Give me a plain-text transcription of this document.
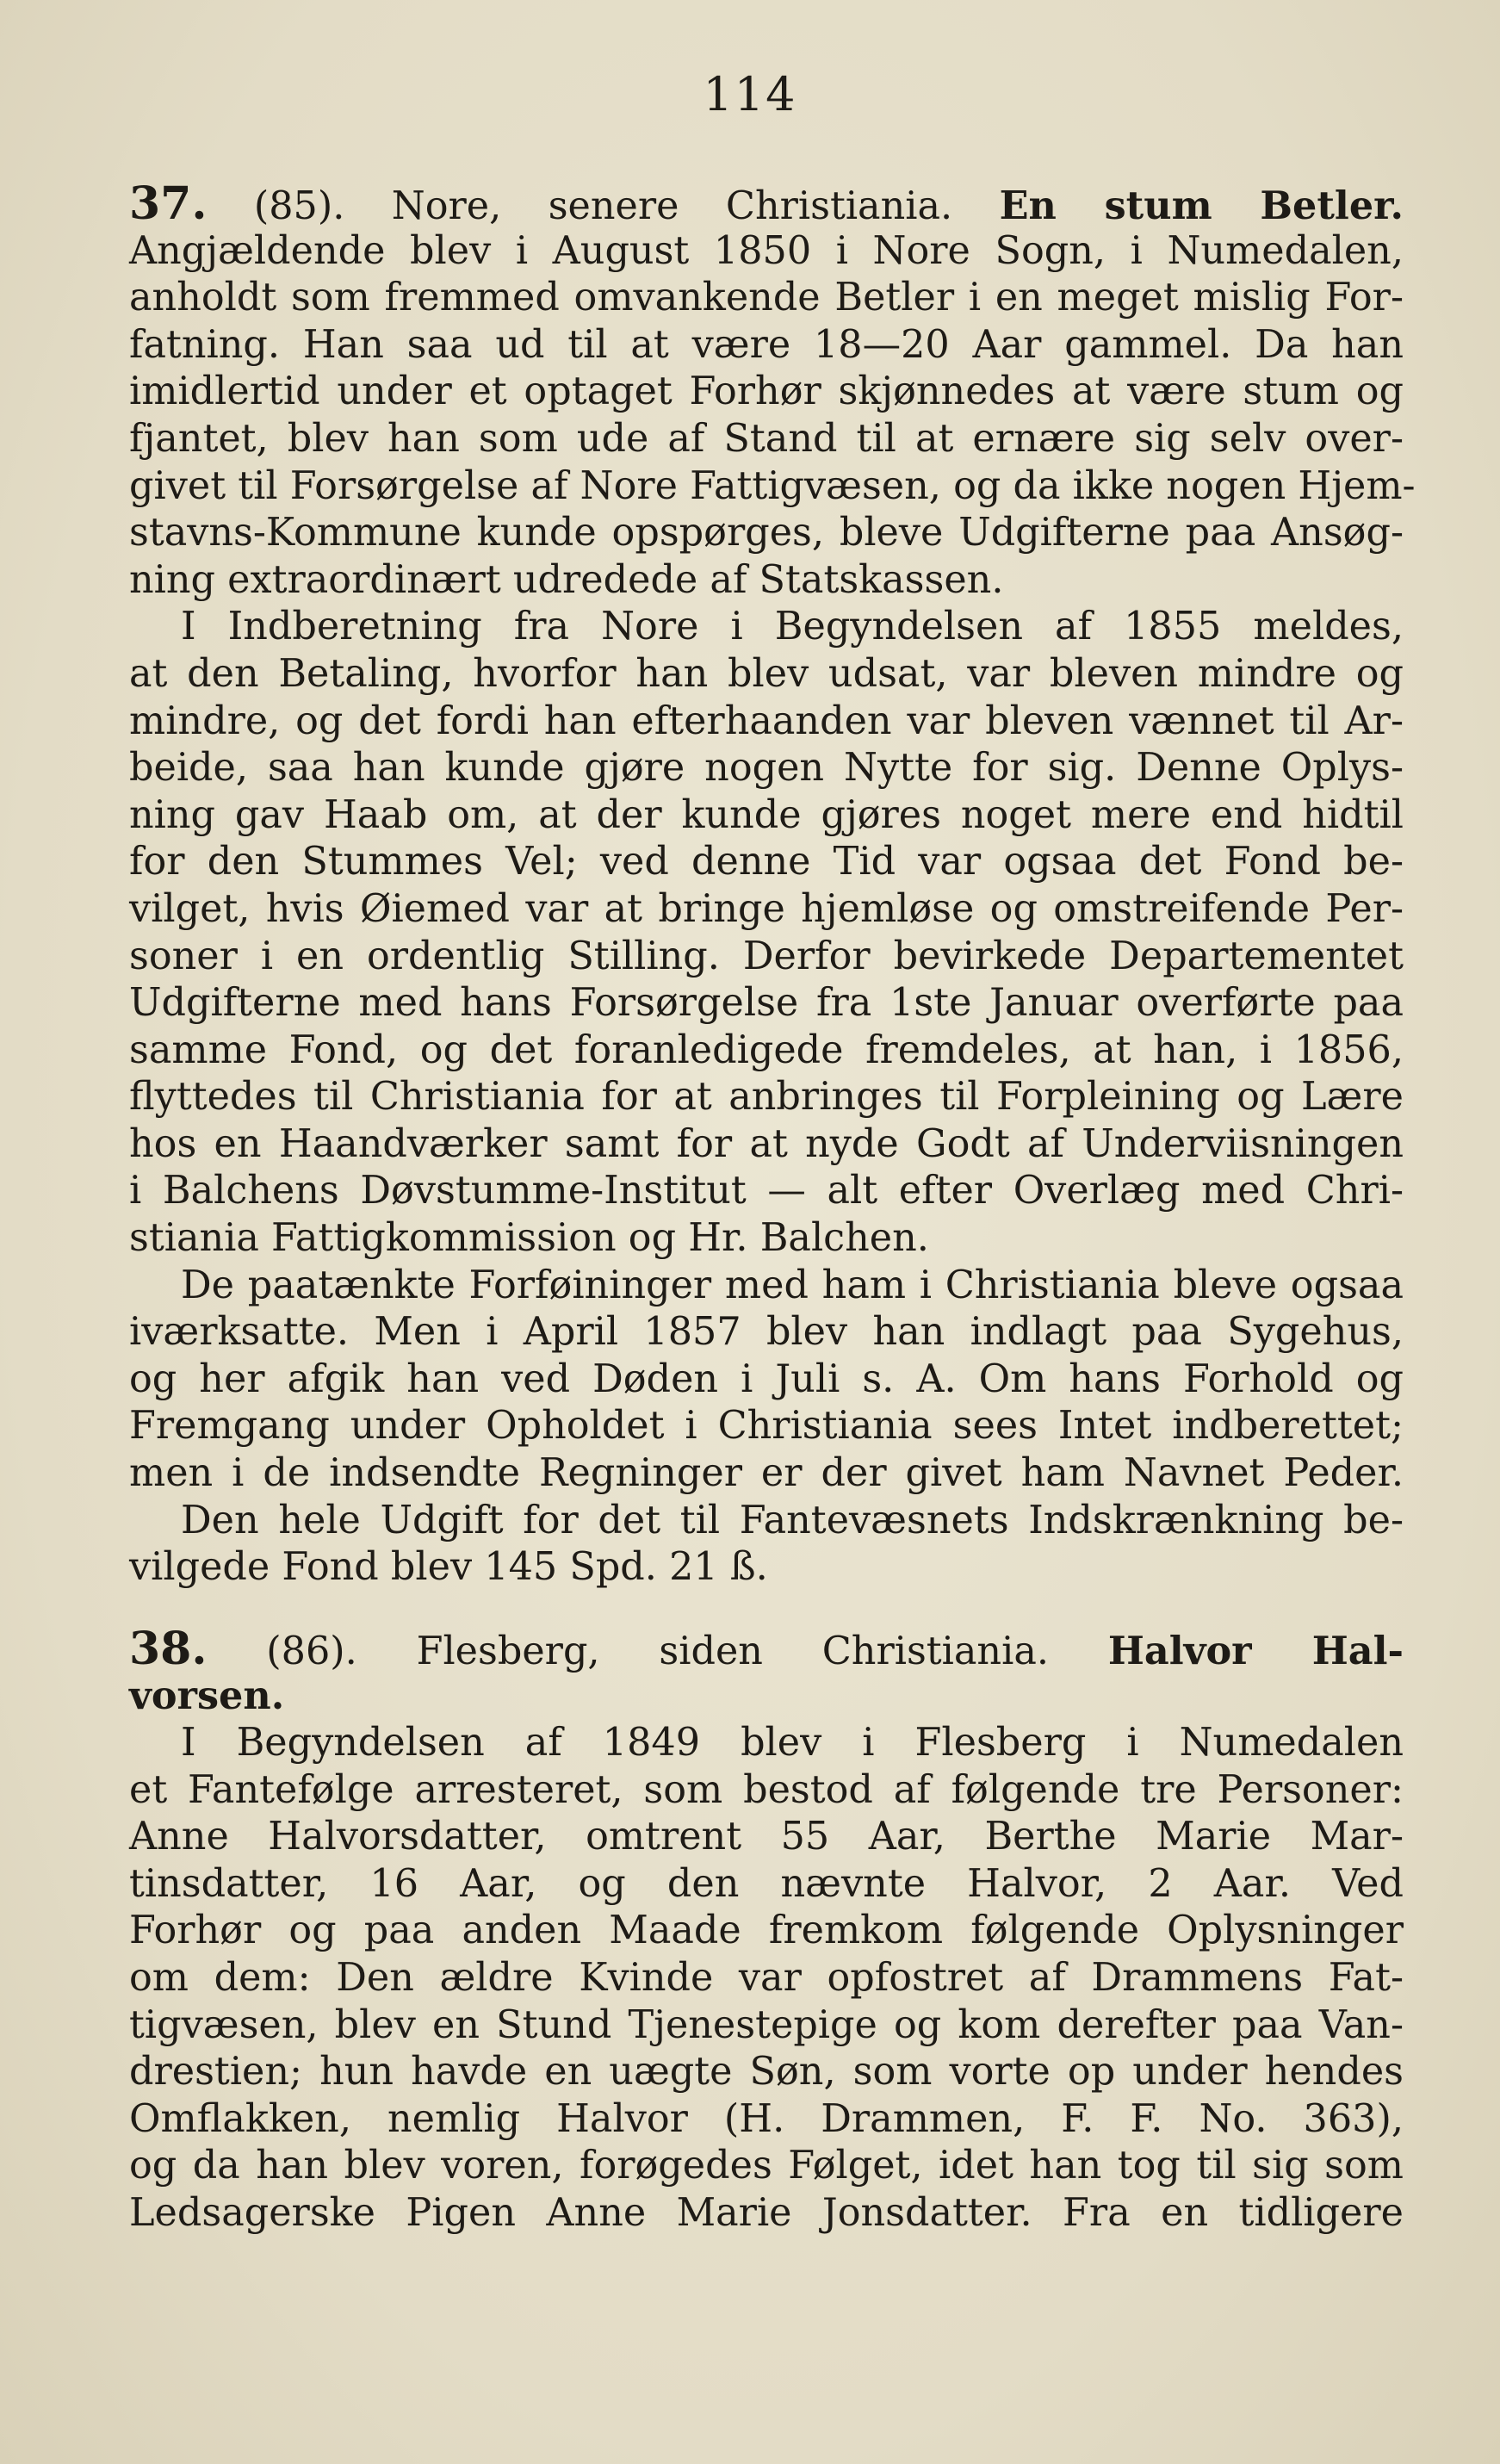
114
37. (85). Nore, senere Christiania. En stum Betler.
Angjældende blev i August 1850 i Nore Sogn, i Numedalen,
anholdt som fremmed omvankende Betler i en meget mislig For-
fatning. Han saa ud til at være 18—20 Aar gammel. Da han
imidlertid under et optaget Forhør skjønnedes at være stum og
fjantet, blev han som ude af Stand til at ernære sig selv over-
givet til Forsørgelse af Nore Fattigvæsen, og da ikke nogen Hjem-
stavns-Kommune kunde opspørges, bleve Udgifterne paa Ansøg-
ning extraordinært udredede af Statskassen.
I Indberetning fra Nore i Begyndelsen af 1855 meldes,
at den Betaling, hvorfor han blev udsat, var bleven mindre og
mindre, og det fordi han efterhaanden var bleven vænnet til Ar-
beide, saa han kunde gjøre nogen Nytte for sig. Denne Oplys-
ning gav Haab om, at der kunde gjøres noget mere end hidtil
for den Stummes Vel; ved denne Tid var ogsaa det Fond be-
vilget, hvis Øiemed var at bringe hjemløse og omstreifende Per-
soner i en ordentlig Stilling. Derfor bevirkede Departementet
Udgifterne med hans Forsørgelse fra 1ste Januar overførte paa
samme Fond, og det foranledigede fremdeles, at han, i 1856,
flyttedes til Christiania for at anbringes til Forpleining og Lære
hos en Haandværker samt for at nyde Godt af Underviisningen
i Balchens Døvstumme-Institut — alt efter Overlæg med Chri-
stiania Fattigkommission og Hr. Balchen.
De paatænkte Forføininger med ham i Christiania bleve ogsaa
iværksatte. Men i April 1857 blev han indlagt paa Sygehus,
og her afgik han ved Døden i Juli s. A. Om hans Forhold og
Fremgang under Opholdet i Christiania sees Intet indberettet;
men i de indsendte Regninger er der givet ham Navnet Peder.
Den hele Udgift for det til Fantevæsnets Indskrænkning be-
vilgede Fond blev 145 Spd. 21 ß.
38. (86). Flesberg, siden Christiania. Halvor Hal-
vorsen.
I Begyndelsen af 1849 blev i Flesberg i Numedalen
et Fantefølge arresteret, som bestod af følgende tre Personer:
Anne Halvorsdatter, omtrent 55 Aar, Berthe Marie Mar-
tinsdatter, 16 Aar, og den nævnte Halvor, 2 Aar. Ved
Forhør og paa anden Maade fremkom følgende Oplysninger
om dem: Den ældre Kvinde var opfostret af Drammens Fat-
tigvæsen, blev en Stund Tjenestepige og kom derefter paa Van-
drestien; hun havde en uægte Søn, som vorte op under hendes
Omflakken, nemlig Halvor (H. Drammen, F. F. No. 363),
og da han blev voren, forøgedes Følget, idet han tog til sig som
Ledsagerske Pigen Anne Marie Jonsdatter. Fra en tidligere
